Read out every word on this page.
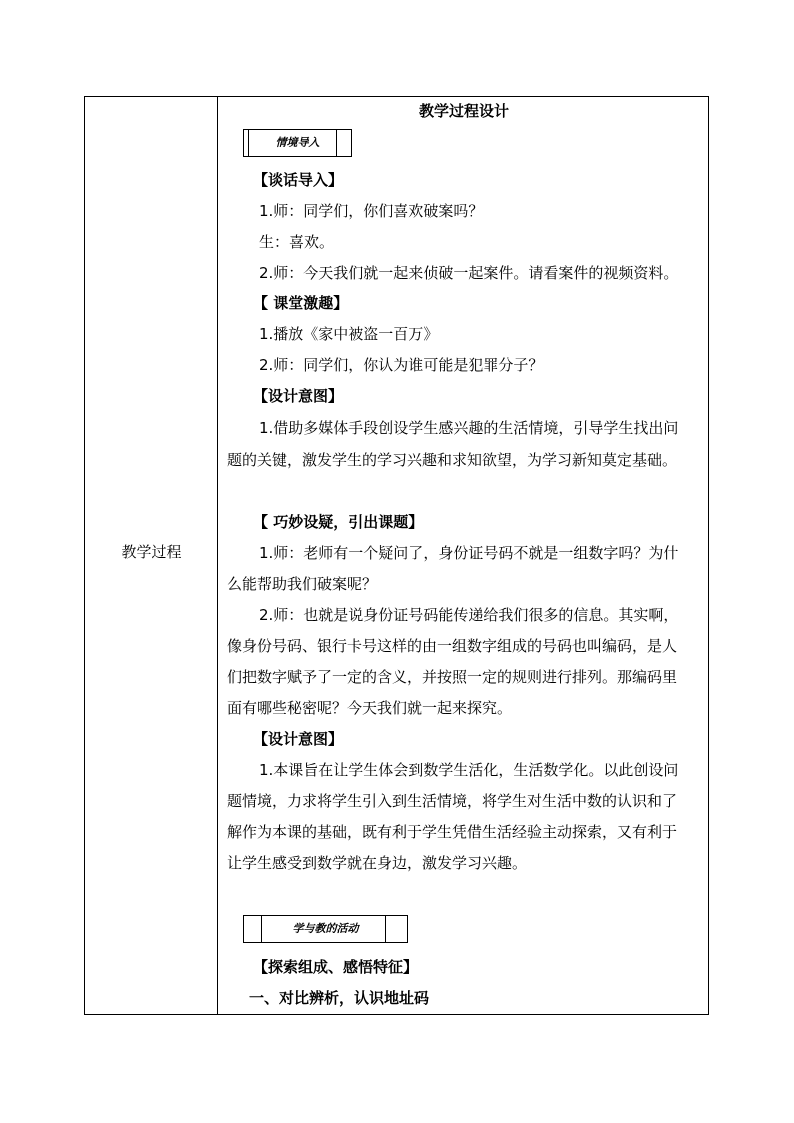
教学过程
教学过程设计
情境导入
【谈话导入】
1.师：同学们，你们喜欢破案吗？
生：喜欢。
2.师：今天我们就一起来侦破一起案件。请看案件的视频资料。
【 课堂激趣】
1.播放《家中被盗一百万》
2.师：同学们，你认为谁可能是犯罪分子？
【设计意图】
1.借助多媒体手段创设学生感兴趣的生活情境，引导学生找出问
题的关键，激发学生的学习兴趣和求知欲望，为学习新知莫定基础。
【 巧妙设疑，引出课题】
1.师：老师有一个疑问了，身份证号码不就是一组数字吗？为什
么能帮助我们破案呢？
2.师：也就是说身份证号码能传递给我们很多的信息。其实啊，
像身份号码、银行卡号这样的由一组数字组成的号码也叫编码，是人
们把数字赋予了一定的含义，并按照一定的规则进行排列。那编码里
面有哪些秘密呢？今天我们就一起来探究。
【设计意图】
1.本课旨在让学生体会到数学生活化，生活数学化。以此创设问
题情境，力求将学生引入到生活情境，将学生对生活中数的认识和了
解作为本课的基础，既有利于学生凭借生活经验主动探索，又有利于
让学生感受到数学就在身边，激发学习兴趣。
学与教的活动
【探索组成、感悟特征】
一、对比辨析，认识地址码
